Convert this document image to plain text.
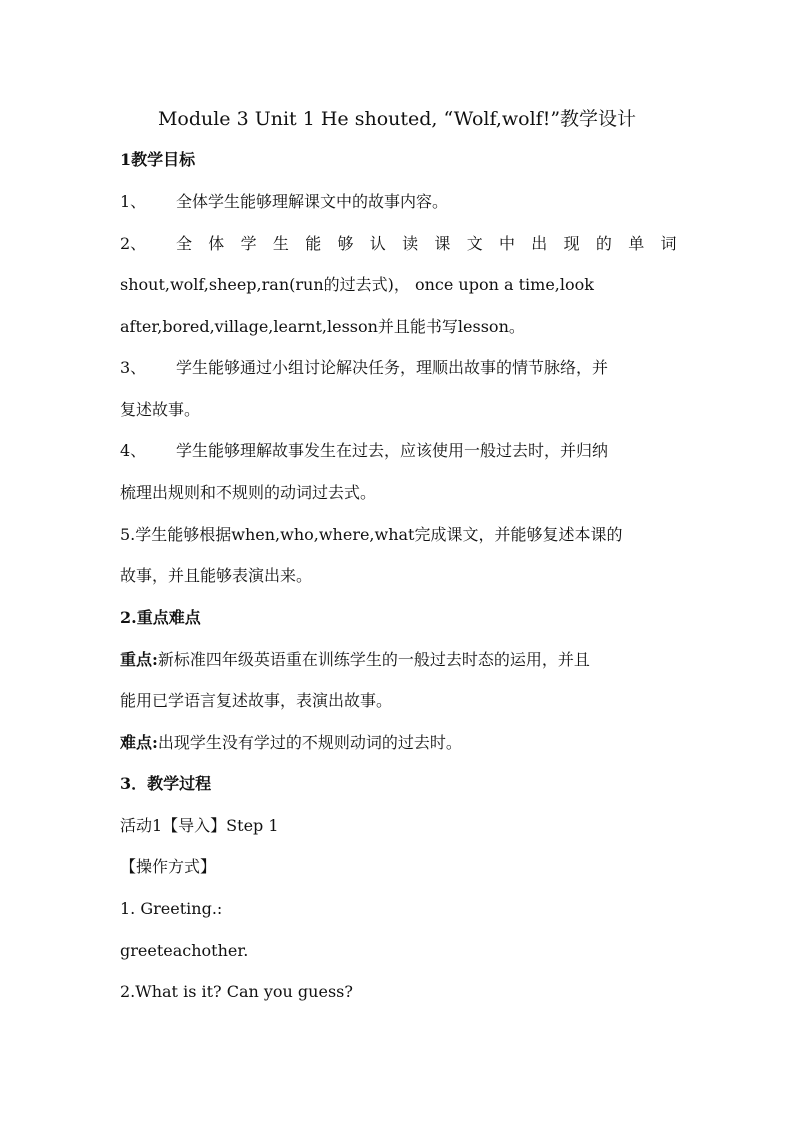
Module 3 Unit 1 He shouted, “Wolf,wolf!”教学设计
1教学目标
1、 全体学生能够理解课文中的故事内容。
2、 全体学生能够认读课文中出现的单词
shout,wolf,sheep,ran(run的过去式)， once upon a time,look
after,bored,village,learnt,lesson并且能书写lesson。
3、 学生能够通过小组讨论解决任务，理顺出故事的情节脉络，并
复述故事。
4、 学生能够理解故事发生在过去，应该使用一般过去时，并归纳
梳理出规则和不规则的动词过去式。
5.学生能够根据when,who,where,what完成课文，并能够复述本课的
故事，并且能够表演出来。
2.重点难点
重点:新标准四年级英语重在训练学生的一般过去时态的运用，并且
能用已学语言复述故事，表演出故事。
难点:出现学生没有学过的不规则动词的过去时。
3．教学过程
活动1【导入】Step 1
【操作方式】
1. Greeting.:
greeteachother.
2.What is it? Can you guess?
